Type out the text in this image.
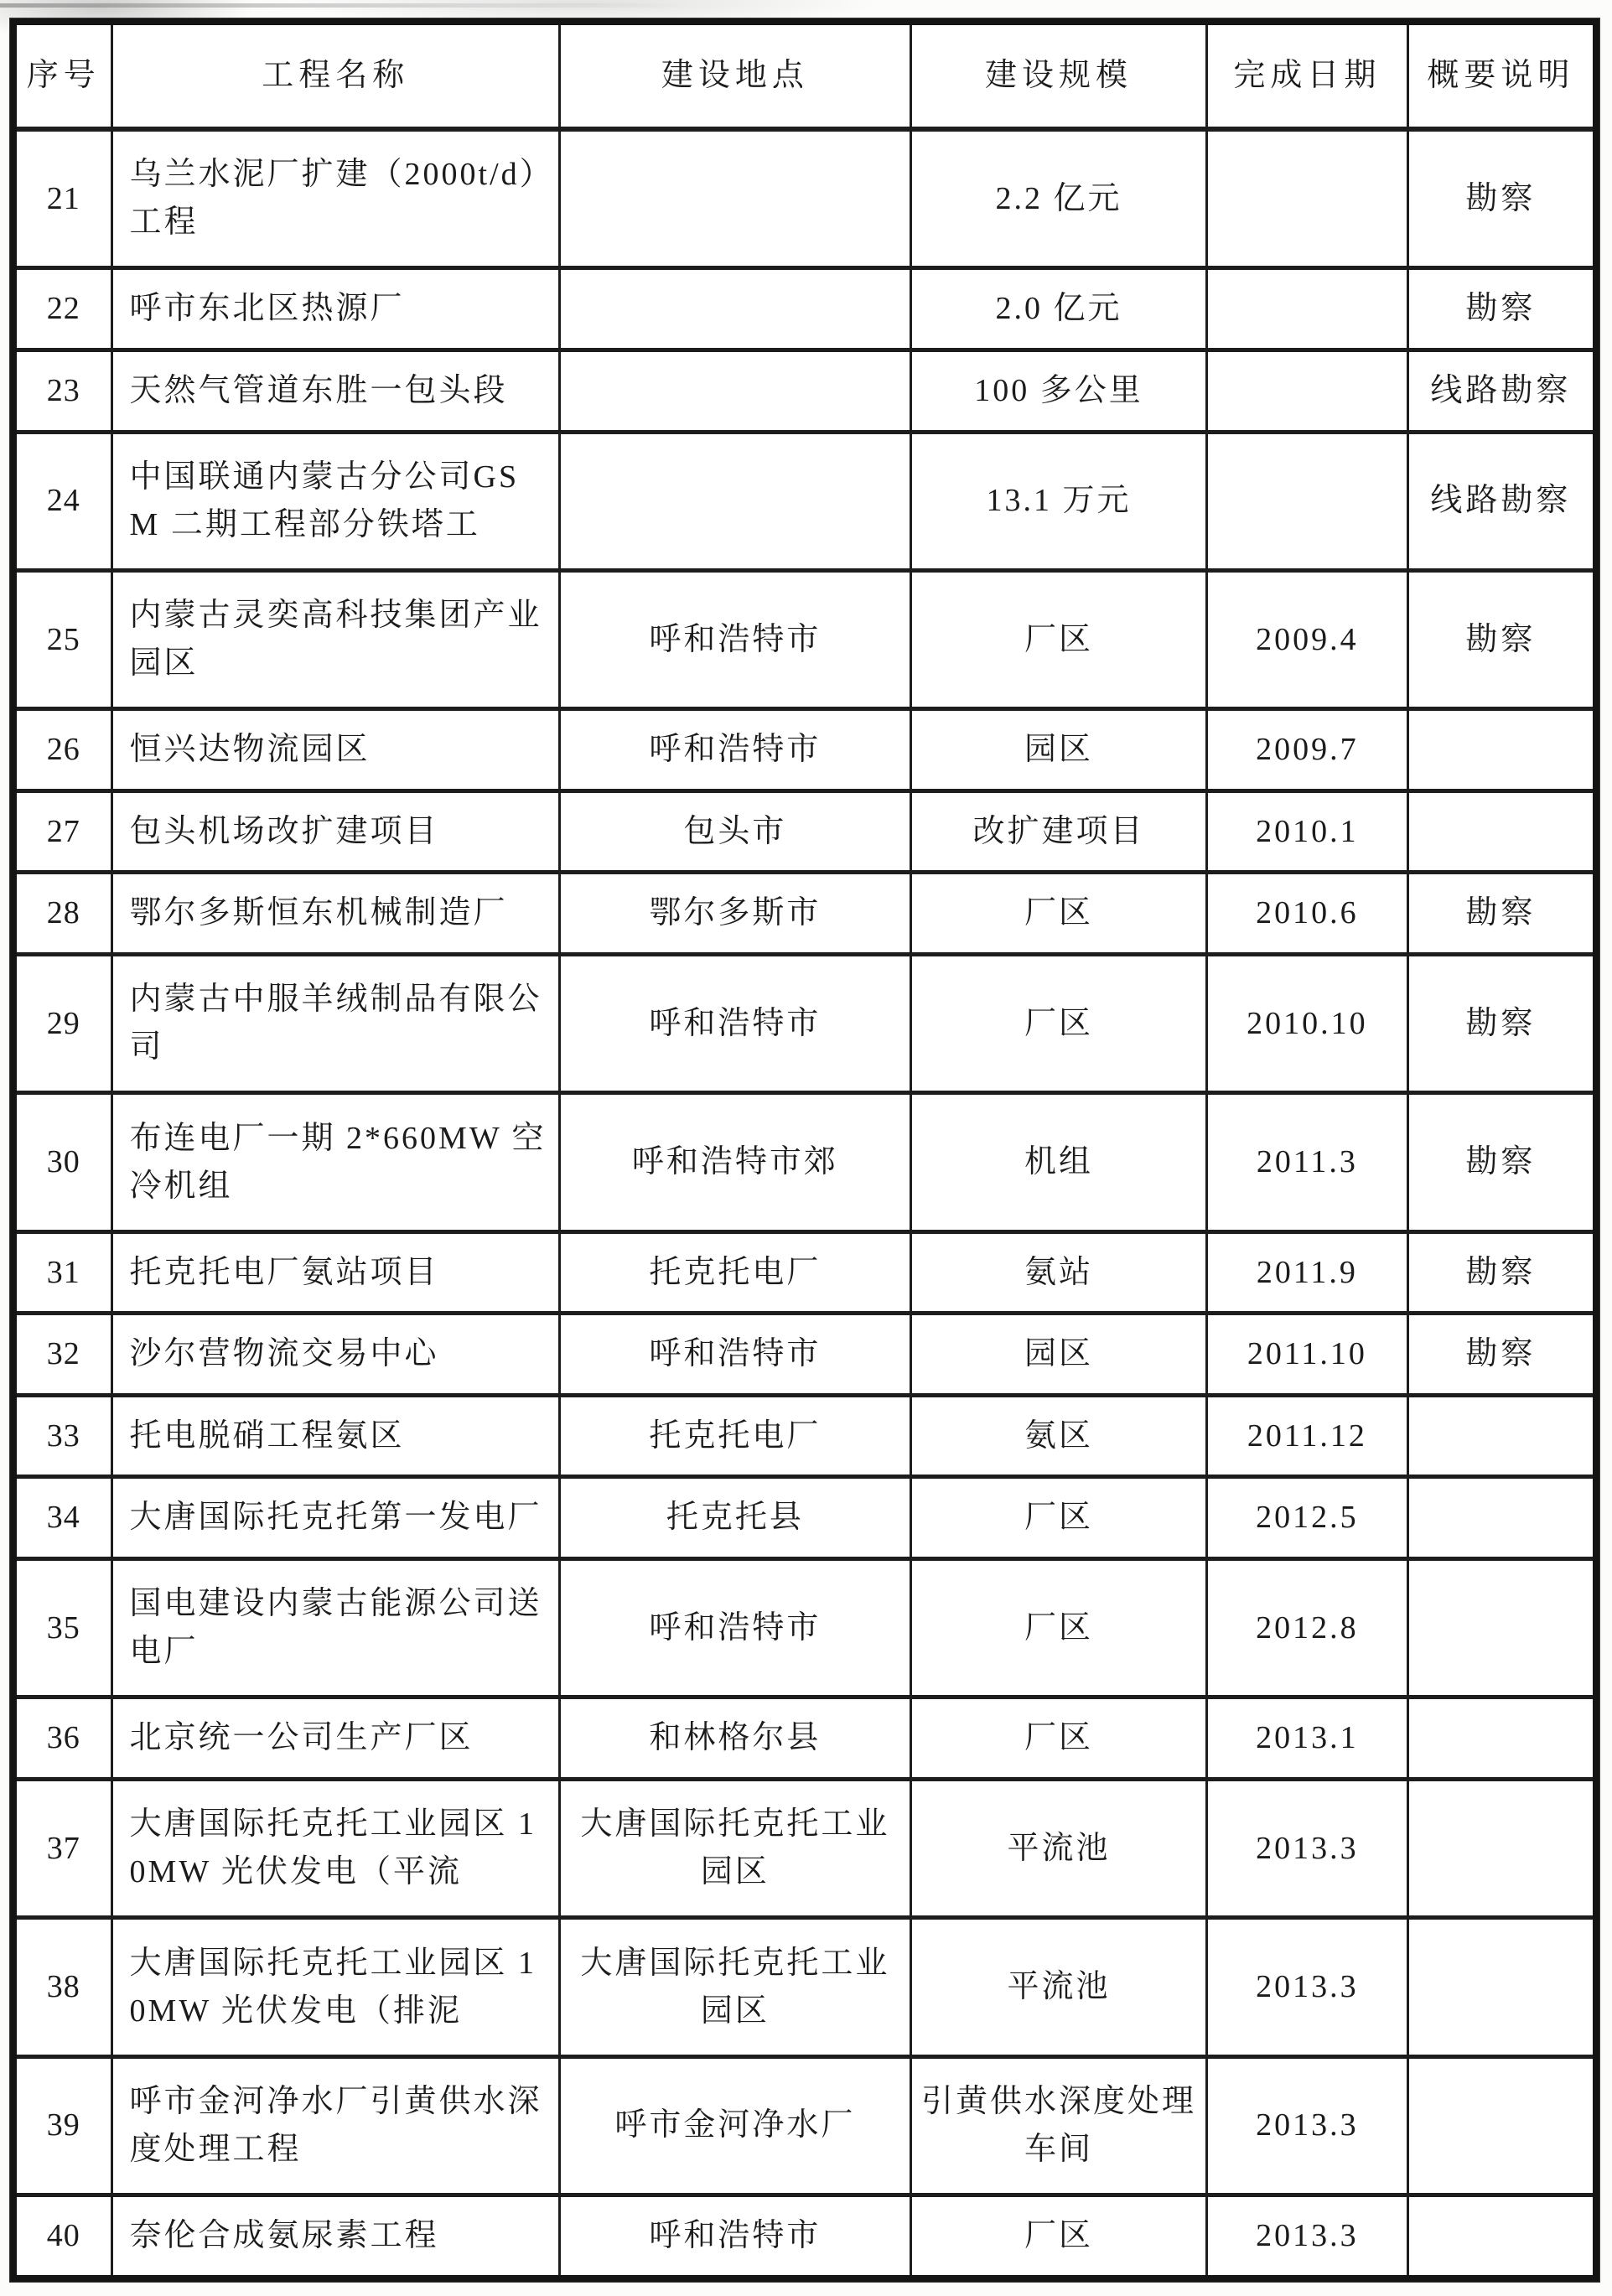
序号	工程名称	建设地点	建设规模	完成日期	概要说明
21	乌兰水泥厂扩建（2000t/d）工程		2.2 亿元		勘察
22	呼市东北区热源厂		2.0 亿元		勘察
23	天然气管道东胜一包头段		100 多公里		线路勘察
24	中国联通内蒙古分公司GSM 二期工程部分铁塔工		13.1 万元		线路勘察
25	内蒙古灵奕高科技集团产业园区	呼和浩特市	厂区	2009.4	勘察
26	恒兴达物流园区	呼和浩特市	园区	2009.7	
27	包头机场改扩建项目	包头市	改扩建项目	2010.1	
28	鄂尔多斯恒东机械制造厂	鄂尔多斯市	厂区	2010.6	勘察
29	内蒙古中服羊绒制品有限公司	呼和浩特市	厂区	2010.10	勘察
30	布连电厂一期 2*660MW 空冷机组	呼和浩特市郊	机组	2011.3	勘察
31	托克托电厂氨站项目	托克托电厂	氨站	2011.9	勘察
32	沙尔营物流交易中心	呼和浩特市	园区	2011.10	勘察
33	托电脱硝工程氨区	托克托电厂	氨区	2011.12	
34	大唐国际托克托第一发电厂	托克托县	厂区	2012.5	
35	国电建设内蒙古能源公司送电厂	呼和浩特市	厂区	2012.8	
36	北京统一公司生产厂区	和林格尔县	厂区	2013.1	
37	大唐国际托克托工业园区 10MW 光伏发电（平流	大唐国际托克托工业园区	平流池	2013.3	
38	大唐国际托克托工业园区 10MW 光伏发电（排泥	大唐国际托克托工业园区	平流池	2013.3	
39	呼市金河净水厂引黄供水深度处理工程	呼市金河净水厂	引黄供水深度处理车间	2013.3	
40	奈伦合成氨尿素工程	呼和浩特市	厂区	2013.3	
